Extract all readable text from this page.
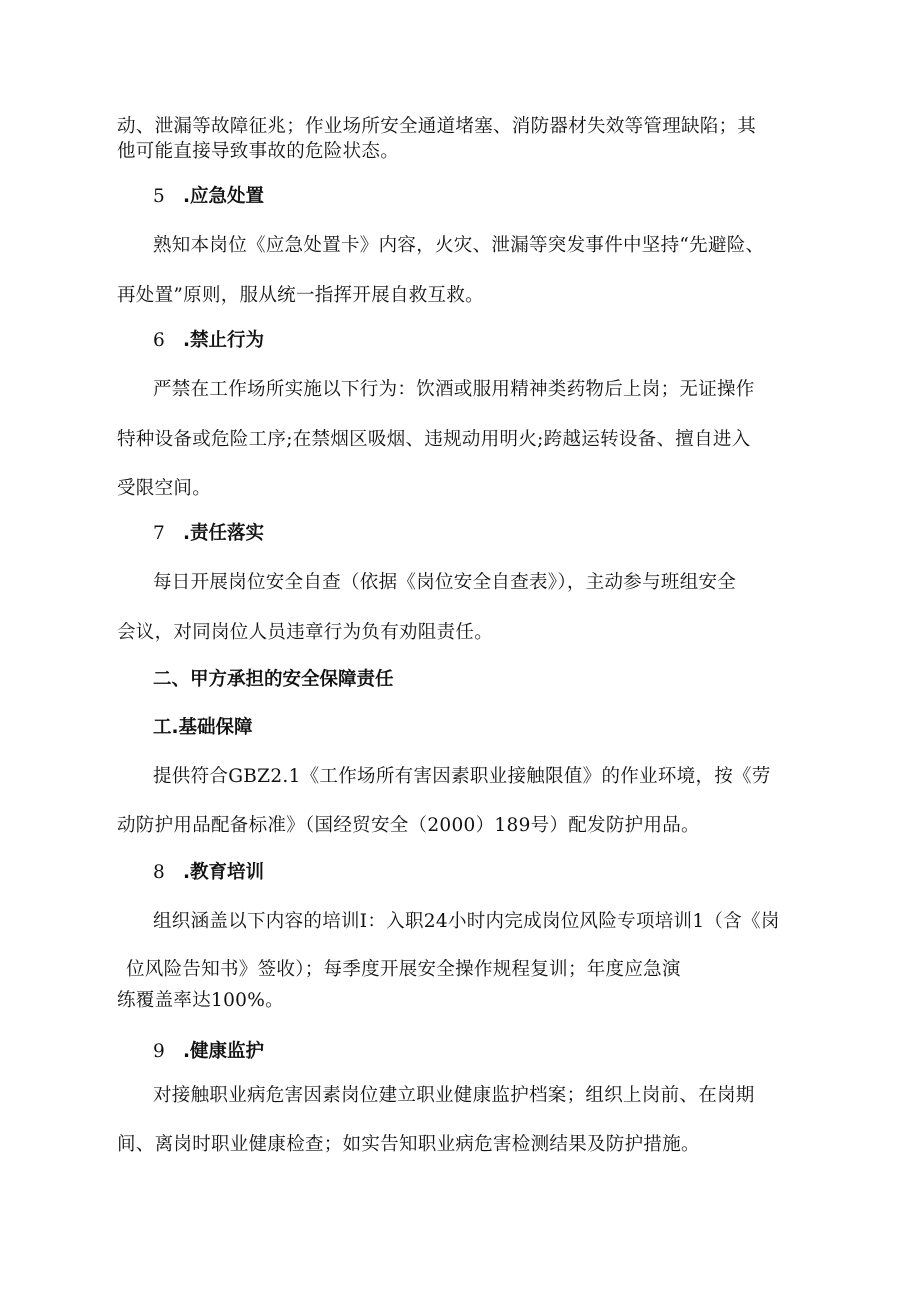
动、泄漏等故障征兆；作业场所安全通道堵塞、消防器材失效等管理缺陷；其
他可能直接导致事故的危险状态。
5 .应急处置
熟知本岗位《应急处置卡》内容，火灾、泄漏等突发事件中坚持“先避险、
再处置”原则，服从统一指挥开展自救互救。
6 .禁止行为
严禁在工作场所实施以下行为：饮酒或服用精神类药物后上岗；无证操作
特种设备或危险工序;在禁烟区吸烟、违规动用明火;跨越运转设备、擅自进入
受限空间。
7 .责任落实
每日开展岗位安全自查（依据《岗位安全自查表》），主动参与班组安全
会议，对同岗位人员违章行为负有劝阻责任。
二、甲方承担的安全保障责任
工.基础保障
提供符合GBZ2.1《工作场所有害因素职业接触限值》的作业环境，按《劳
动防护用品配备标准》（国经贸安全（2000）189号）配发防护用品。
8 .教育培训
组织涵盖以下内容的培训I：入职24小时内完成岗位风险专项培训1（含《岗
位风险告知书》签收）；每季度开展安全操作规程复训；年度应急演
练覆盖率达100%。
9 .健康监护
对接触职业病危害因素岗位建立职业健康监护档案；组织上岗前、在岗期
间、离岗时职业健康检查；如实告知职业病危害检测结果及防护措施。
